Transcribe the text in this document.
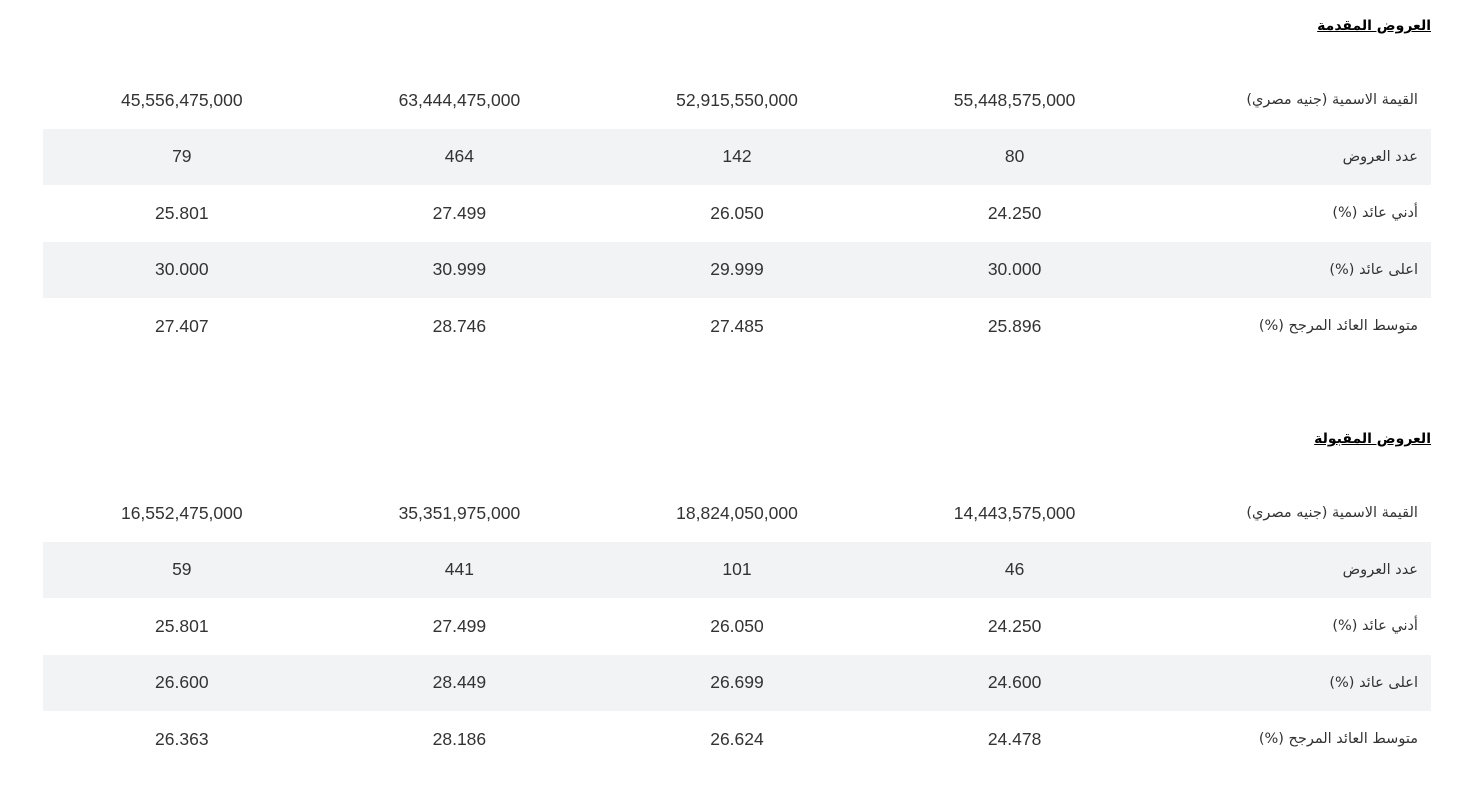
العروض المقدمة
45,556,475,000	63,444,475,000	52,915,550,000	55,448,575,000	القيمة الاسمية (جنيه مصري)
79	464	142	80	عدد العروض
25.801	27.499	26.050	24.250	أدني عائد (%)
30.000	30.999	29.999	30.000	اعلى عائد (%)
27.407	28.746	27.485	25.896	متوسط العائد المرجح (%)
العروض المقبولة
16,552,475,000	35,351,975,000	18,824,050,000	14,443,575,000	القيمة الاسمية (جنيه مصري)
59	441	101	46	عدد العروض
25.801	27.499	26.050	24.250	أدني عائد (%)
26.600	28.449	26.699	24.600	اعلى عائد (%)
26.363	28.186	26.624	24.478	متوسط العائد المرجح (%)
